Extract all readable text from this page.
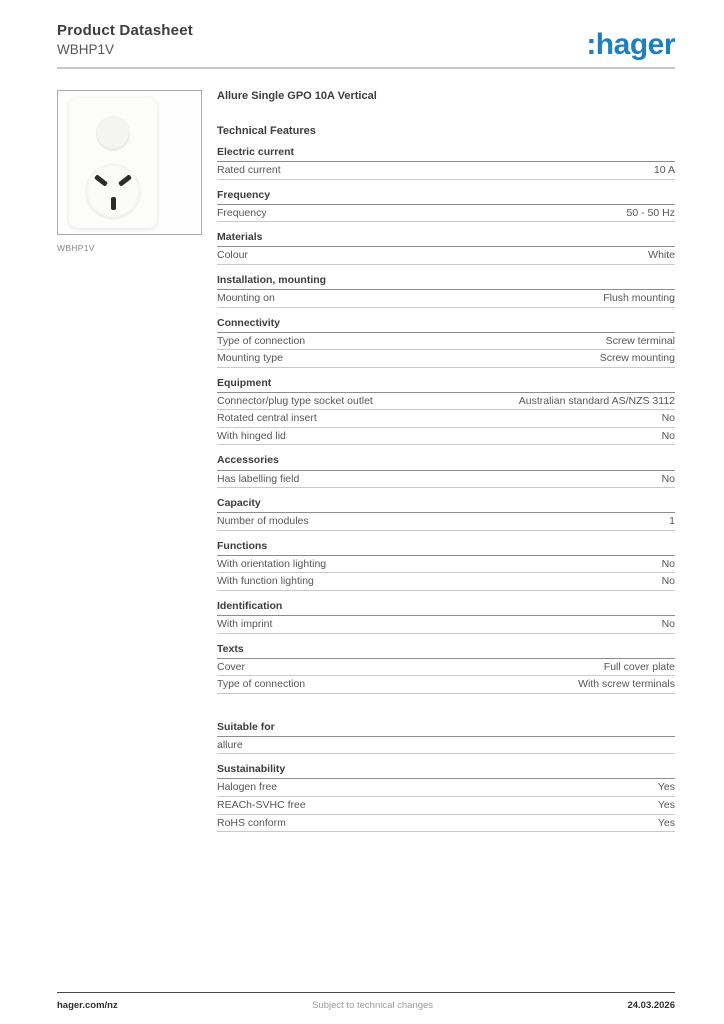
Product Datasheet
WBHP1V	:hager
WBHP1V
Allure Single GPO 10A Vertical
Technical Features
Electric current
Rated current	10 A
Frequency
Frequency	50 - 50 Hz
Materials
Colour	White
Installation, mounting
Mounting on	Flush mounting
Connectivity
Type of connection	Screw terminal
Mounting type	Screw mounting
Equipment
Connector/plug type socket outlet	Australian standard AS/NZS 3112
Rotated central insert	No
With hinged lid	No
Accessories
Has labelling field	No
Capacity
Number of modules	1
Functions
With orientation lighting	No
With function lighting	No
Identification
With imprint	No
Texts
Cover	Full cover plate
Type of connection	With screw terminals
Suitable for
allure
Sustainability
Halogen free	Yes
REACh-SVHC free	Yes
RoHS conform	Yes
hager.com/nz	Subject to technical changes	24.03.2026
